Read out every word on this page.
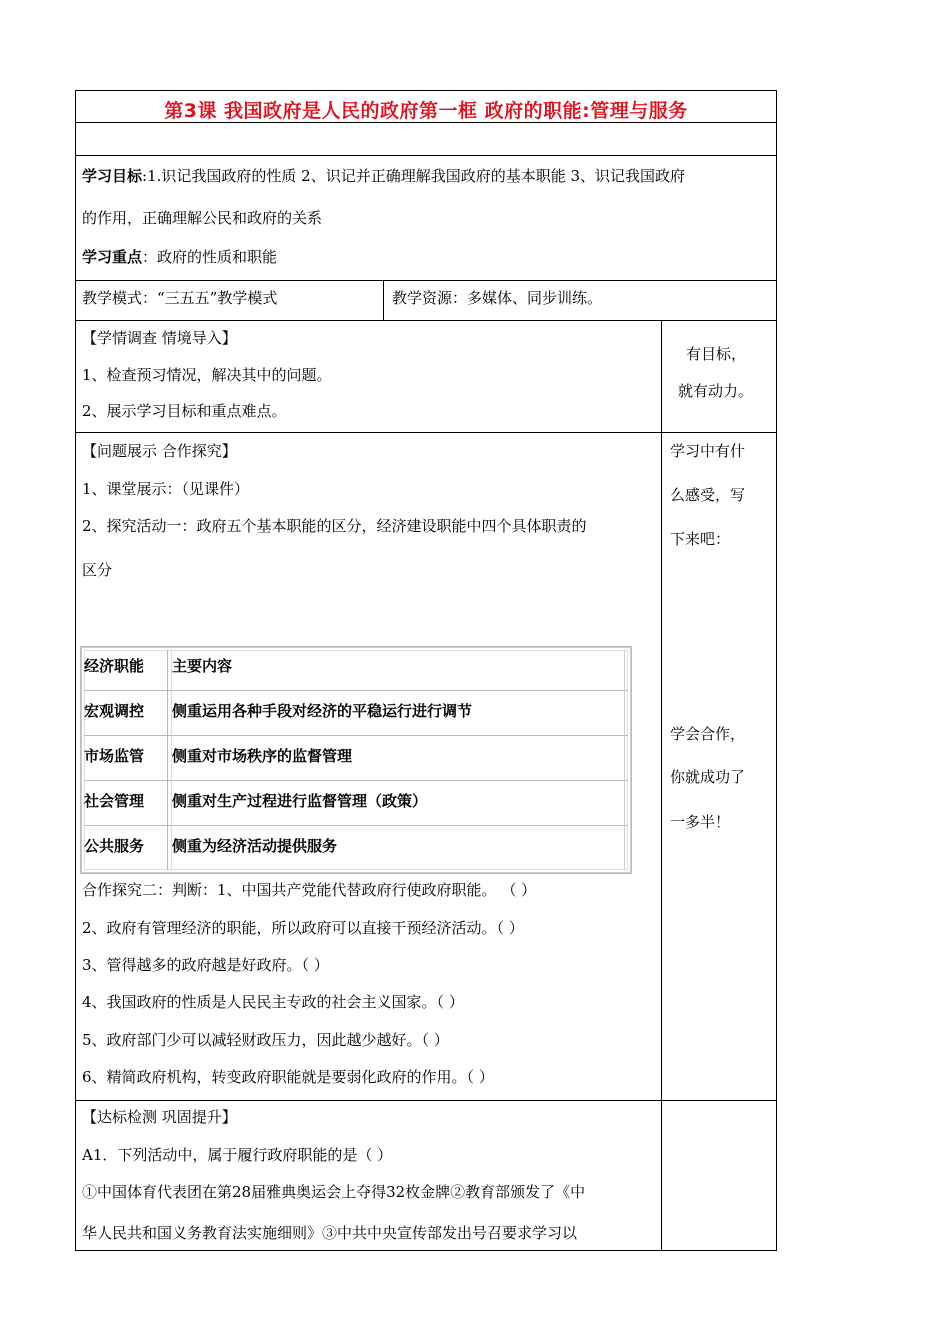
第3课 我国政府是人民的政府第一框 政府的职能:管理与服务
学习目标:1.识记我国政府的性质 2、识记并正确理解我国政府的基本职能 3、识记我国政府
的作用，正确理解公民和政府的关系
学习重点：政府的性质和职能
教学模式：“三五五”教学模式	教学资源：多媒体、同步训练。
【学情调查 情境导入】
1、检查预习情况，解决其中的问题。
2、展示学习目标和重点难点。
有目标，
就有动力。
【问题展示 合作探究】
1、课堂展示：（见课件）
2、探究活动一：政府五个基本职能的区分，经济建设职能中四个具体职责的
区分
学习中有什
么感受，写
下来吧：
学会合作，
你就成功了
一多半！
经济职能 主要内容
宏观调控 侧重运用各种手段对经济的平稳运行进行调节
市场监管 侧重对市场秩序的监督管理
社会管理 侧重对生产过程进行监督管理（政策）
公共服务 侧重为经济活动提供服务
合作探究二：判断：1、中国共产党能代替政府行使政府职能。 （ ）
2、政府有管理经济的职能，所以政府可以直接干预经济活动。（ ）
3、管得越多的政府越是好政府。（ ）
4、我国政府的性质是人民民主专政的社会主义国家。（ ）
5、政府部门少可以减轻财政压力，因此越少越好。（ ）
6、精简政府机构，转变政府职能就是要弱化政府的作用。（ ）
【达标检测 巩固提升】
A1．下列活动中，属于履行政府职能的是（ ）
①中国体育代表团在第28届雅典奥运会上夺得32枚金牌②教育部颁发了《中
华人民共和国义务教育法实施细则》③中共中央宣传部发出号召要求学习以
